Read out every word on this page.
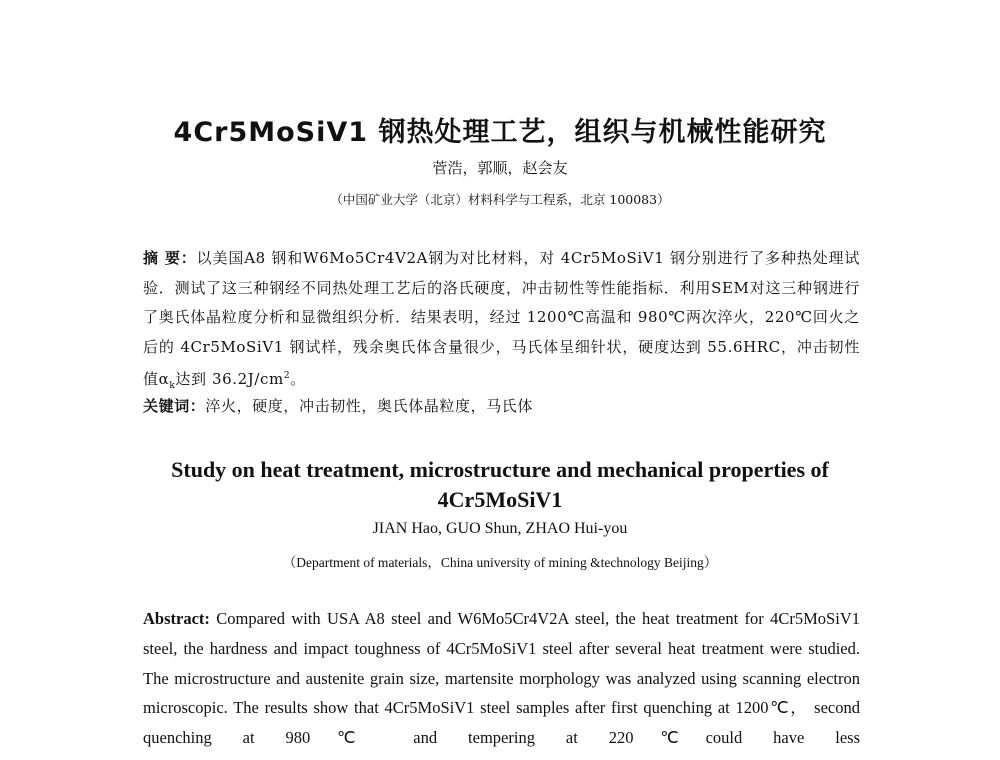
4Cr5MoSiV1 钢热处理工艺，组织与机械性能研究
菅浩，郭顺，赵会友
（中国矿业大学（北京）材料科学与工程系，北京 100083）
摘 要：以美国A8 钢和W6Mo5Cr4V2A钢为对比材料，对 4Cr5MoSiV1 钢分别进行了多种热处理试验．测试了这三种钢经不同热处理工艺后的洛氏硬度，冲击韧性等性能指标．利用SEM对这三种钢进行了奥氏体晶粒度分析和显微组织分析．结果表明，经过 1200℃高温和 980℃两次淬火，220℃回火之后的 4Cr5MoSiV1 钢试样，残余奥氏体含量很少，马氏体呈细针状，硬度达到 55.6HRC，冲击韧性值$\alpha_k$达到 $36.2J/cm^2$。
关键词：淬火，硬度，冲击韧性，奥氏体晶粒度，马氏体
Study on heat treatment, microstructure and mechanical properties of
4Cr5MoSiV1
JIAN Hao, GUO Shun, ZHAO Hui-you
（Department of materials，China university of mining &technology Beijing）
Abstract: Compared with USA A8 steel and W6Mo5Cr4V2A steel, the heat treatment for 4Cr5MoSiV1 steel, the hardness and impact toughness of 4Cr5MoSiV1 steel after several heat treatment were studied. The microstructure and austenite grain size, martensite morphology was analyzed using scanning electron microscopic. The results show that 4Cr5MoSiV1 steel samples after first quenching at 1200℃， second quenching at 980℃ and tempering at 220℃could have less
